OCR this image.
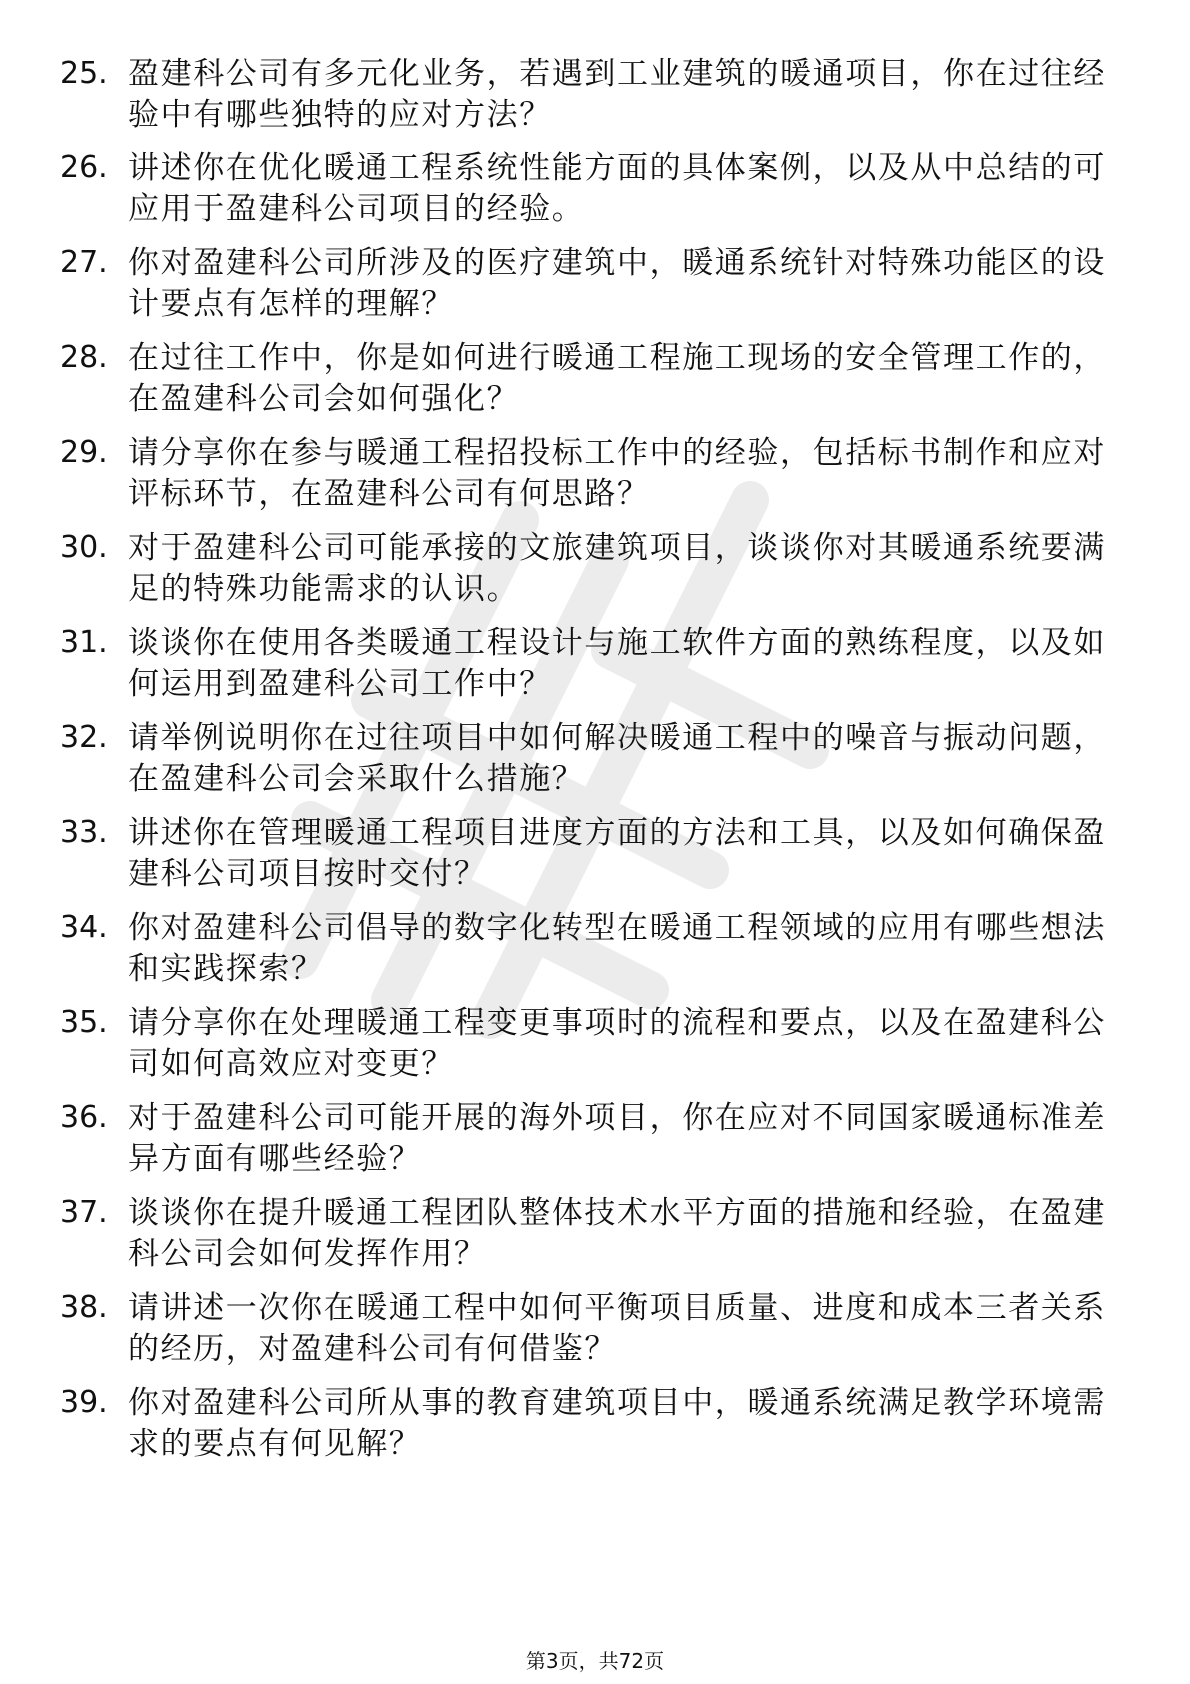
25. 盈建科公司有多元化业务，若遇到工业建筑的暖通项目，你在过往经验中有哪些独特的应对方法？
26. 讲述你在优化暖通工程系统性能方面的具体案例，以及从中总结的可应用于盈建科公司项目的经验。
27. 你对盈建科公司所涉及的医疗建筑中，暖通系统针对特殊功能区的设计要点有怎样的理解？
28. 在过往工作中，你是如何进行暖通工程施工现场的安全管理工作的，在盈建科公司会如何强化？
29. 请分享你在参与暖通工程招投标工作中的经验，包括标书制作和应对评标环节，在盈建科公司有何思路？
30. 对于盈建科公司可能承接的文旅建筑项目，谈谈你对其暖通系统要满足的特殊功能需求的认识。
31. 谈谈你在使用各类暖通工程设计与施工软件方面的熟练程度，以及如何运用到盈建科公司工作中？
32. 请举例说明你在过往项目中如何解决暖通工程中的噪音与振动问题，在盈建科公司会采取什么措施？
33. 讲述你在管理暖通工程项目进度方面的方法和工具，以及如何确保盈建科公司项目按时交付？
34. 你对盈建科公司倡导的数字化转型在暖通工程领域的应用有哪些想法和实践探索？
35. 请分享你在处理暖通工程变更事项时的流程和要点，以及在盈建科公司如何高效应对变更？
36. 对于盈建科公司可能开展的海外项目，你在应对不同国家暖通标准差异方面有哪些经验？
37. 谈谈你在提升暖通工程团队整体技术水平方面的措施和经验，在盈建科公司会如何发挥作用？
38. 请讲述一次你在暖通工程中如何平衡项目质量、进度和成本三者关系的经历，对盈建科公司有何借鉴？
39. 你对盈建科公司所从事的教育建筑项目中，暖通系统满足教学环境需求的要点有何见解？
第3页，共72页
